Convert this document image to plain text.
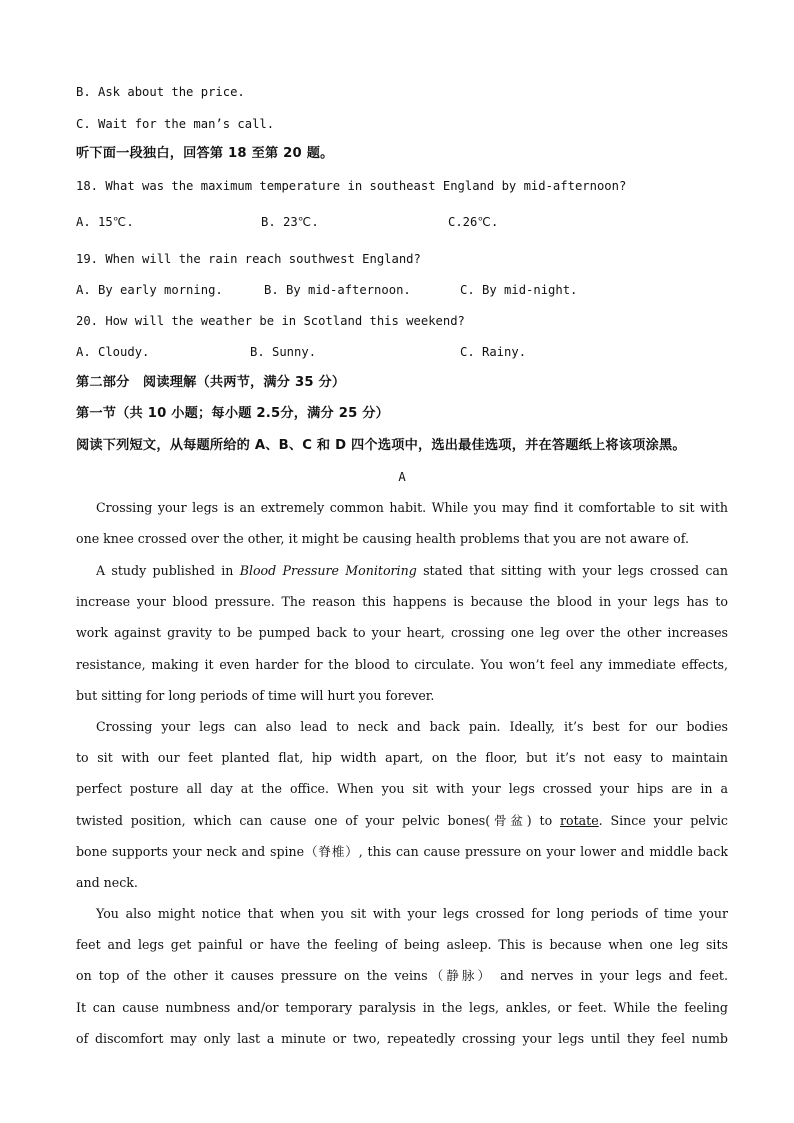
B. Ask about the price.
C. Wait for the man’s call.
听下面一段独白，回答第 18 至第 20 题。
18. What was the maximum temperature in southeast England by mid-afternoon?
A. 15℃.	B. 23℃.	C.26℃.
19. When will the rain reach southwest England?
A. By early morning.	B. By mid-afternoon.	C. By mid-night.
20. How will the weather be in Scotland this weekend?
A. Cloudy.	B. Sunny.	C. Rainy.
第二部分　阅读理解（共两节，满分 35 分）
第一节（共 10 小题；每小题 2.5分，满分 25 分）
阅读下列短文，从每题所给的 A、B、C 和 D 四个选项中，选出最佳选项，并在答题纸上将该项涂黑。
A
Crossing your legs is an extremely common habit. While you may find it comfortable to sit with
one knee crossed over the other, it might be causing health problems that you are not aware of.
A study published in Blood Pressure Monitoring stated that sitting with your legs crossed can
increase your blood pressure. The reason this happens is because the blood in your legs has to
work against gravity to be pumped back to your heart, crossing one leg over the other increases
resistance, making it even harder for the blood to circulate. You won’t feel any immediate effects,
but sitting for long periods of time will hurt you forever.
Crossing your legs can also lead to neck and back pain. Ideally, it’s best for our bodies
to sit with our feet planted flat, hip width apart, on the floor, but it’s not easy to maintain
perfect posture all day at the office. When you sit with your legs crossed your hips are in a
twisted position, which can cause one of your pelvic bones(骨盆) to rotate. Since your pelvic
bone supports your neck and spine（脊椎）, this can cause pressure on your lower and middle back
and neck.
You also might notice that when you sit with your legs crossed for long periods of time your
feet and legs get painful or have the feeling of being asleep. This is because when one leg sits
on top of the other it causes pressure on the veins（静脉） and nerves in your legs and feet.
It can cause numbness and/or temporary paralysis in the legs, ankles, or feet. While the feeling
of discomfort may only last a minute or two, repeatedly crossing your legs until they feel numb
